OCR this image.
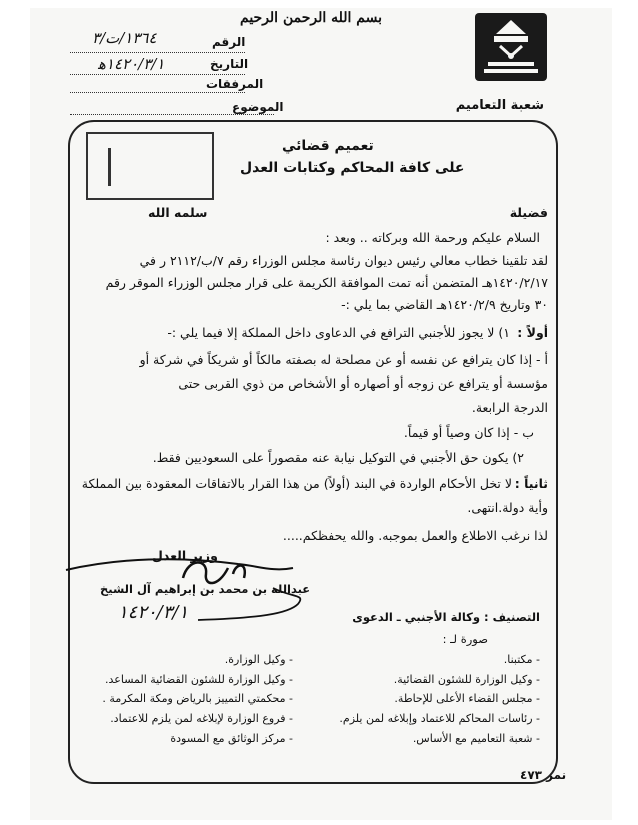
بسم الله الرحمن الرحيم
شعبة التعاميم
الرقم
١٣٦٤/ت/٣
التاريخ
١٤٢٠/٣/١ﻫ
المرفقات
الموضوع
تعميم قضائي
على كافة المحاكم وكتابات العدل
فضيلة
سلمه الله
السلام عليكم ورحمة الله وبركاته .. وبعد :
لقد تلقينا خطاب معالي رئيس ديوان رئاسة مجلس الوزراء رقم ٧/ب/٢١١٢ ر في
١٤٢٠/٢/١٧هـ المتضمن أنه تمت الموافقة الكريمة على قرار مجلس الوزراء الموقر رقم
٣٠ وتاريخ ١٤٢٠/٢/٩هـ القاضي بما يلي :-
أولاً :
١) لا يجوز للأجنبي الترافع في الدعاوى داخل المملكة إلا فيما يلي :-
أ - إذا كان يترافع عن نفسه أو عن مصلحة له بصفته مالكاً أو شريكاً في شركة أو
مؤسسة أو يترافع عن زوجه أو أصهاره أو الأشخاص من ذوي القربى حتى
الدرجة الرابعة.
ب - إذا كان وصياً أو قيماً.
٢) يكون حق الأجنبي في التوكيل نيابة عنه مقصوراً على السعوديين فقط.
ثانياً :
لا تخل الأحكام الواردة في البند (أولاً) من هذا القرار بالاتفاقات المعقودة بين المملكة
وأية دولة.انتهى.
لذا نرغب الاطلاع والعمل بموجبه. والله يحفظكم.....
وزير العدل
عبدالله بن محمد بن إبراهيم آل الشيخ
١٤٢٠/٣/١	التصنيف : وكالة الأجنبي ـ الدعوى
صورة لـ :
- مكتبنا.
- وكيل الوزارة للشئون القضائية.
- مجلس القضاء الأعلى للإحاطة.
- رئاسات المحاكم للاعتماد وإبلاغه لمن يلزم.
- شعبة التعاميم مع الأساس.
- وكيل الوزارة.
- وكيل الوزارة للشئون القضائية المساعد.
- محكمتي التمييز بالرياض ومكة المكرمة .
- فروع الوزارة لإبلاغه لمن يلزم للاعتماد.
- مركز الوثائق مع المسودة
نمر ٤٧٣
